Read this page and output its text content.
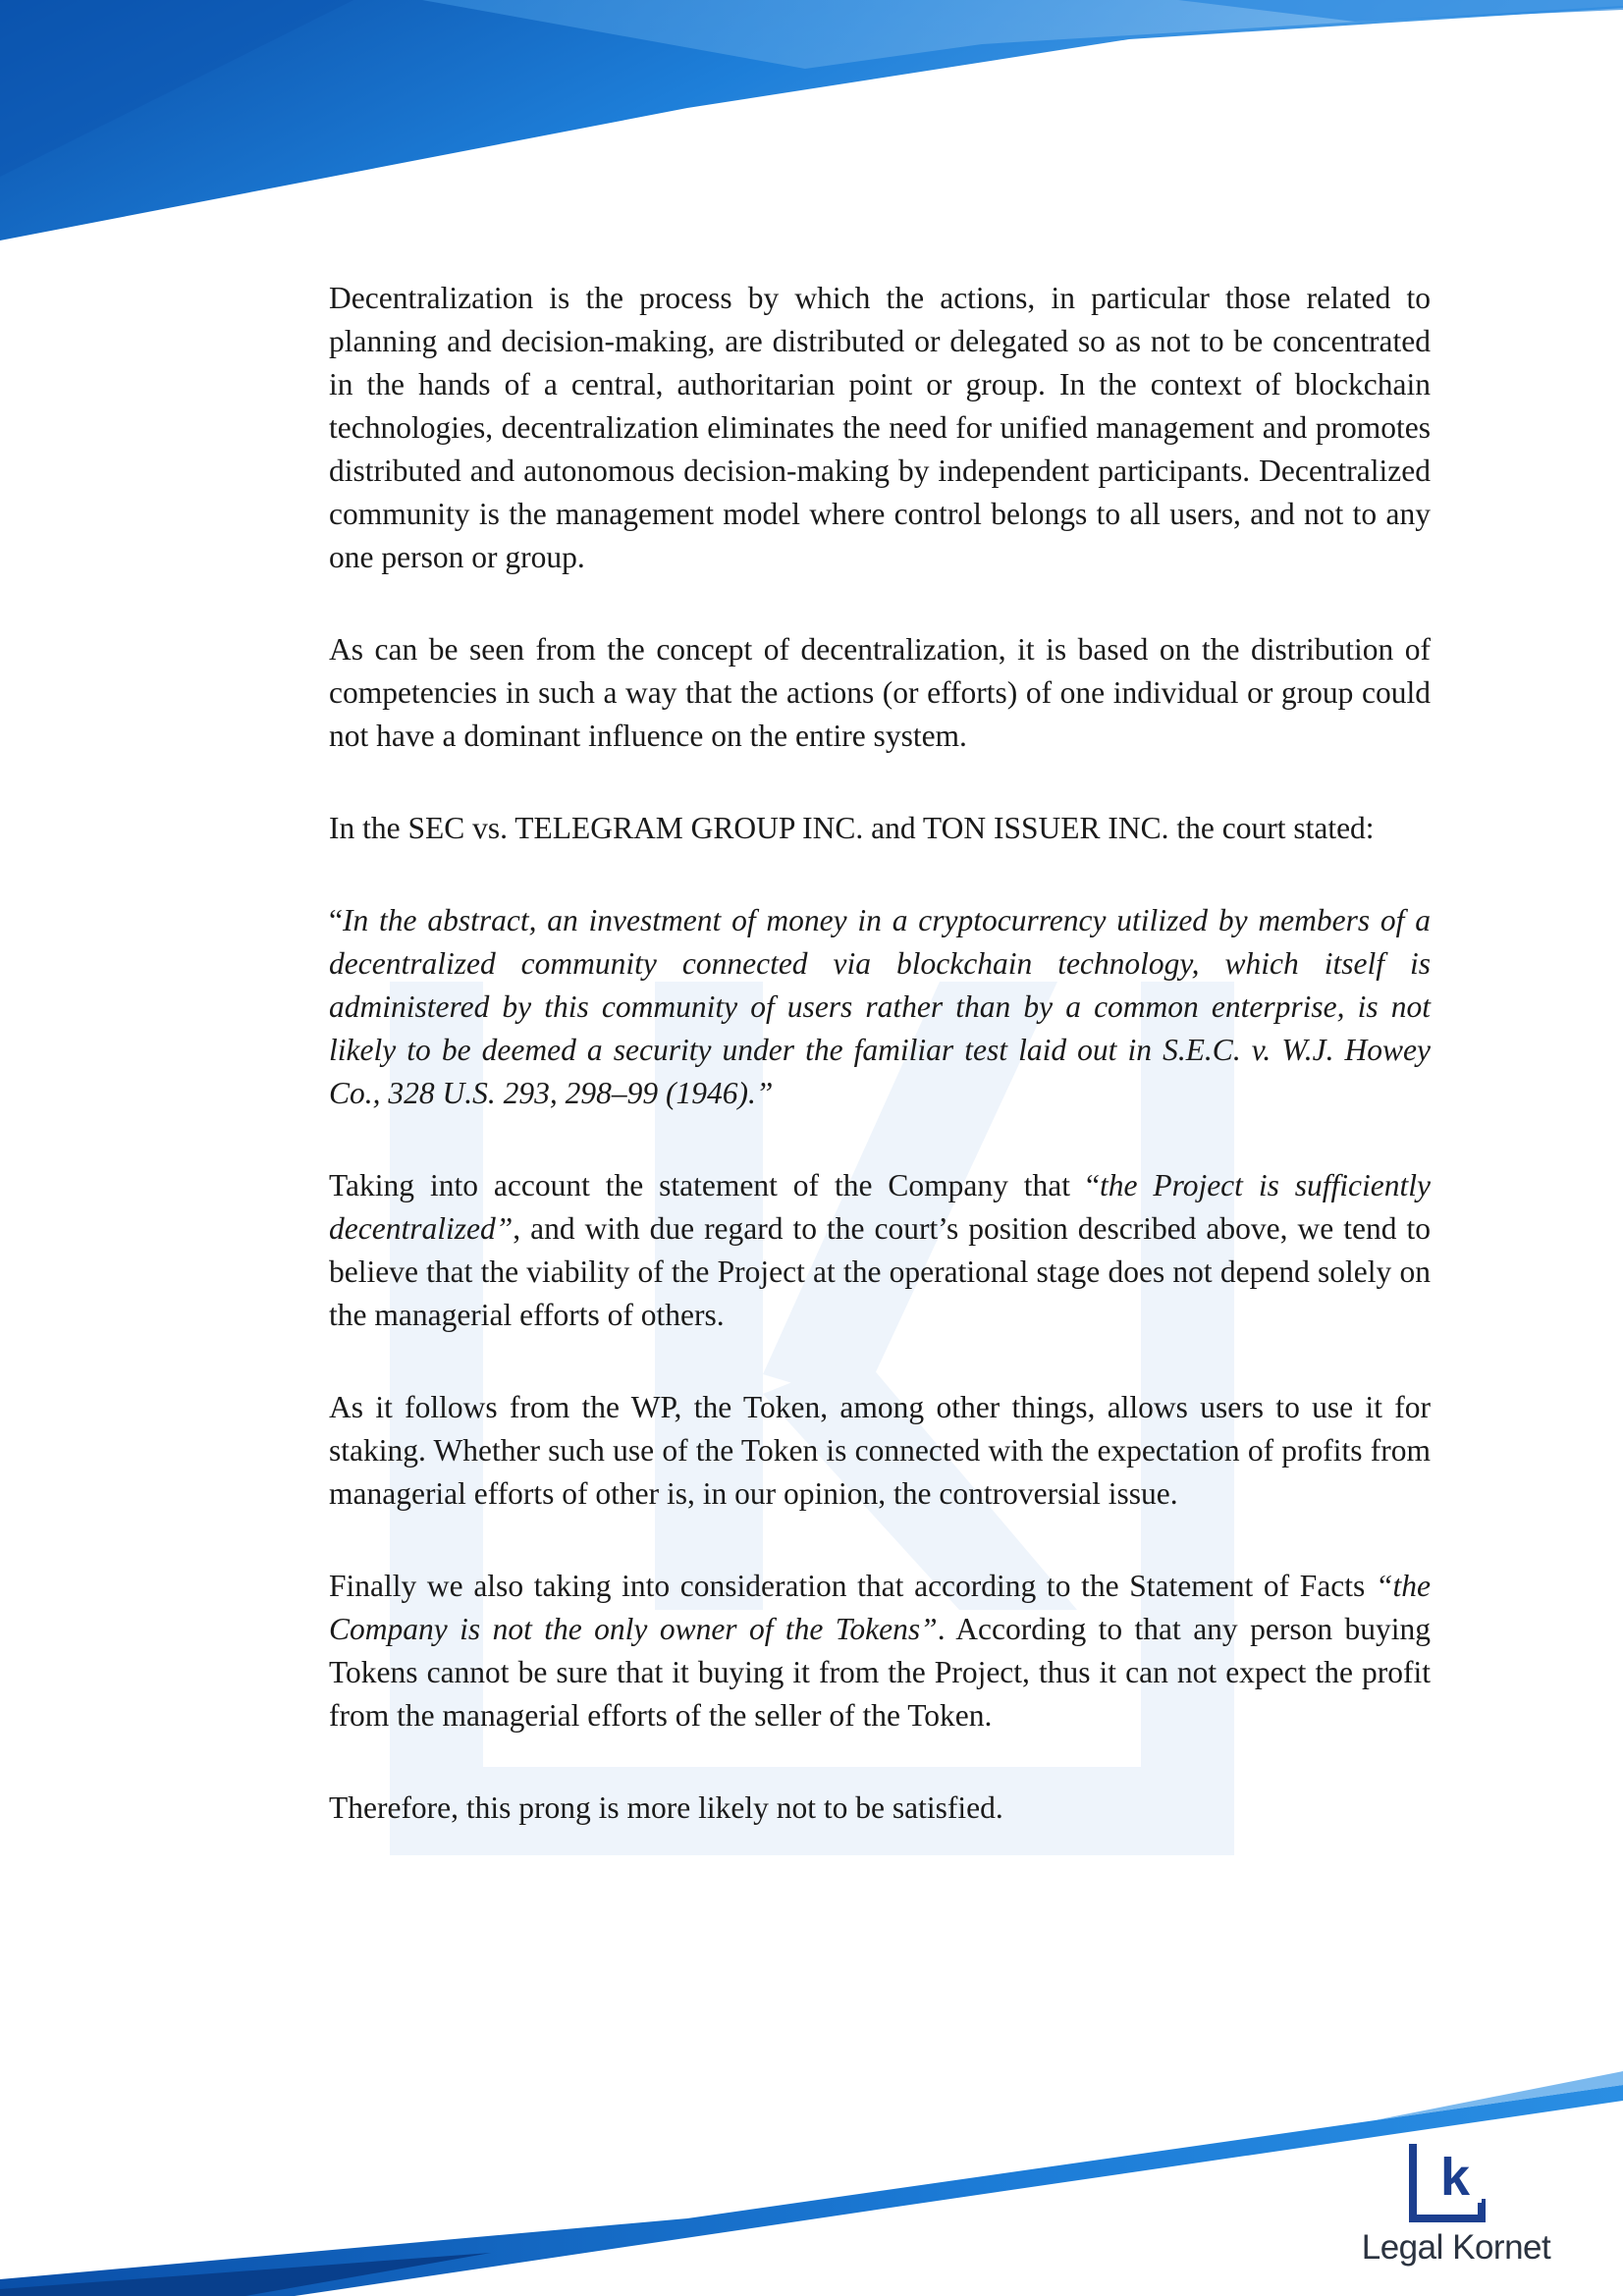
Decentralization is the process by which the actions, in particular those related to planning and decision-making, are distributed or delegated so as not to be concentrated in the hands of a central, authoritarian point or group. In the context of blockchain technologies, decentralization eliminates the need for unified management and promotes distributed and autonomous decision-making by independent participants. Decentralized community is the management model where control belongs to all users, and not to any one person or group.

As can be seen from the concept of decentralization, it is based on the distribution of competencies in such a way that the actions (or efforts) of one individual or group could not have a dominant influence on the entire system.

In the SEC vs. TELEGRAM GROUP INC. and TON ISSUER INC. the court stated:

“In the abstract, an investment of money in a cryptocurrency utilized by members of a decentralized community connected via blockchain technology, which itself is administered by this community of users rather than by a common enterprise, is not likely to be deemed a security under the familiar test laid out in S.E.C. v. W.J. Howey Co., 328 U.S. 293, 298–99 (1946).”

Taking into account the statement of the Company that “the Project is sufficiently decentralized”, and with due regard to the court’s position described above, we tend to believe that the viability of the Project at the operational stage does not depend solely on the managerial efforts of others.

As it follows from the WP, the Token, among other things, allows users to use it for staking. Whether such use of the Token is connected with the expectation of profits from managerial efforts of other is, in our opinion, the controversial issue.

Finally we also taking into consideration that according to the Statement of Facts “the Company is not the only owner of the Tokens”. According to that any person buying Tokens cannot be sure that it buying it from the Project, thus it can not expect the profit from the managerial efforts of the seller of the Token.

Therefore, this prong is more likely not to be satisfied.

k
Legal Kornet
